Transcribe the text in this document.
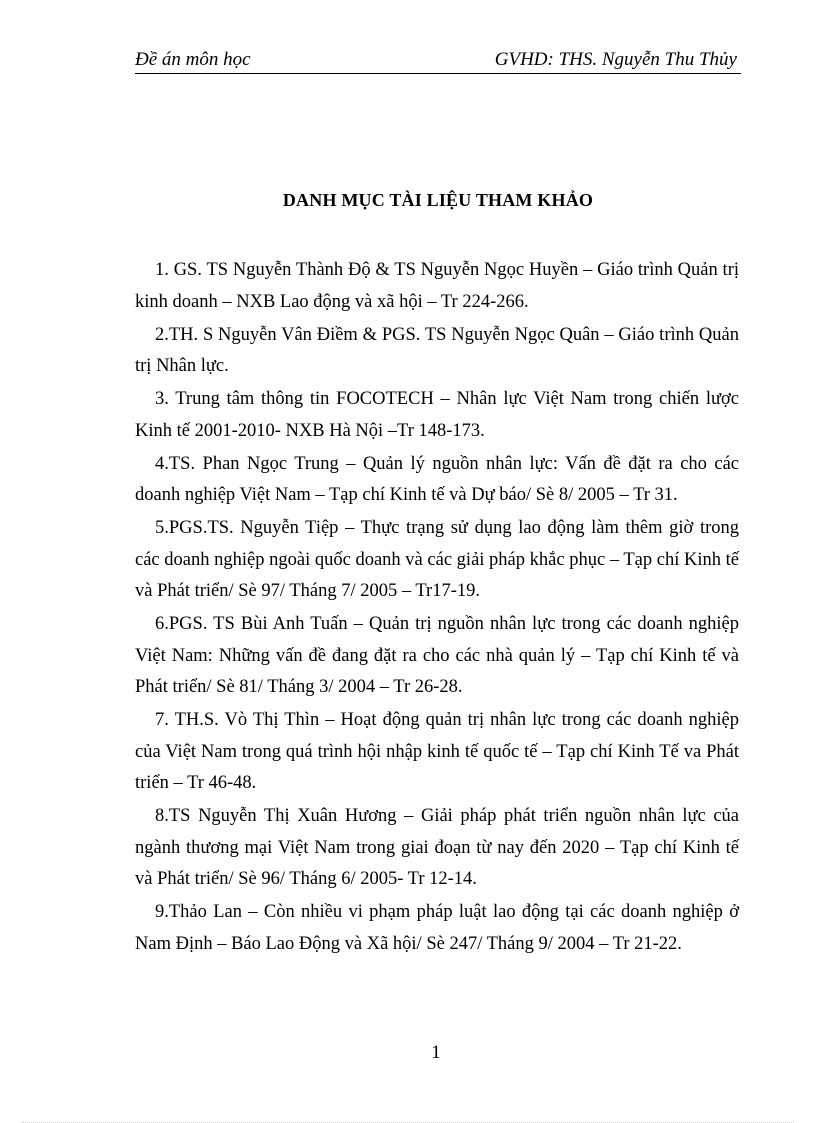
Đề án môn học	GVHD: THS. Nguyễn Thu Thủy
DANH MỤC TÀI LIỆU THAM KHẢO

1. GS. TS Nguyễn Thành Độ & TS Nguyễn Ngọc Huyền – Giáo trình Quản trị kinh doanh – NXB Lao động và xã hội – Tr 224-266.

2.TH. S Nguyễn Vân Điềm & PGS. TS Nguyễn Ngọc Quân – Giáo trình Quản trị Nhân lực.

3. Trung tâm thông tin FOCOTECH – Nhân lực Việt Nam trong chiến lược Kinh tế 2001-2010- NXB Hà Nội –Tr 148-173.

4.TS. Phan Ngọc Trung – Quản lý nguồn nhân lực: Vấn đề đặt ra cho các doanh nghiệp Việt Nam – Tạp chí Kinh tế và Dự báo/ Sè 8/ 2005 – Tr 31.

5.PGS.TS. Nguyễn Tiệp – Thực trạng sử dụng lao động làm thêm giờ trong các doanh nghiệp ngoài quốc doanh và các giải pháp khắc phục – Tạp chí Kinh tế và Phát triển/ Sè 97/ Tháng 7/ 2005 – Tr17-19.

6.PGS. TS Bùi Anh Tuấn – Quản trị nguồn nhân lực trong các doanh nghiệp Việt Nam: Những vấn đề đang đặt ra cho các nhà quản lý – Tạp chí Kinh tế và Phát triển/ Sè 81/ Tháng 3/ 2004 – Tr 26-28.

7. TH.S. Vò Thị Thìn – Hoạt động quản trị nhân lực trong các doanh nghiệp của Việt Nam trong quá trình hội nhập kinh tế quốc tế – Tạp chí Kinh Tế va Phát triển – Tr 46-48.

8.TS Nguyễn Thị Xuân Hương – Giải pháp phát triển nguồn nhân lực của ngành thương mại Việt Nam trong giai đoạn từ nay đến 2020 – Tạp chí Kinh tế và Phát triển/ Sè 96/ Tháng 6/ 2005- Tr 12-14.

9.Thảo Lan – Còn nhiều vi phạm pháp luật lao động tại các doanh nghiệp ở Nam Định – Báo Lao Động và Xã hội/ Sè 247/ Tháng 9/ 2004 – Tr 21-22.

1
